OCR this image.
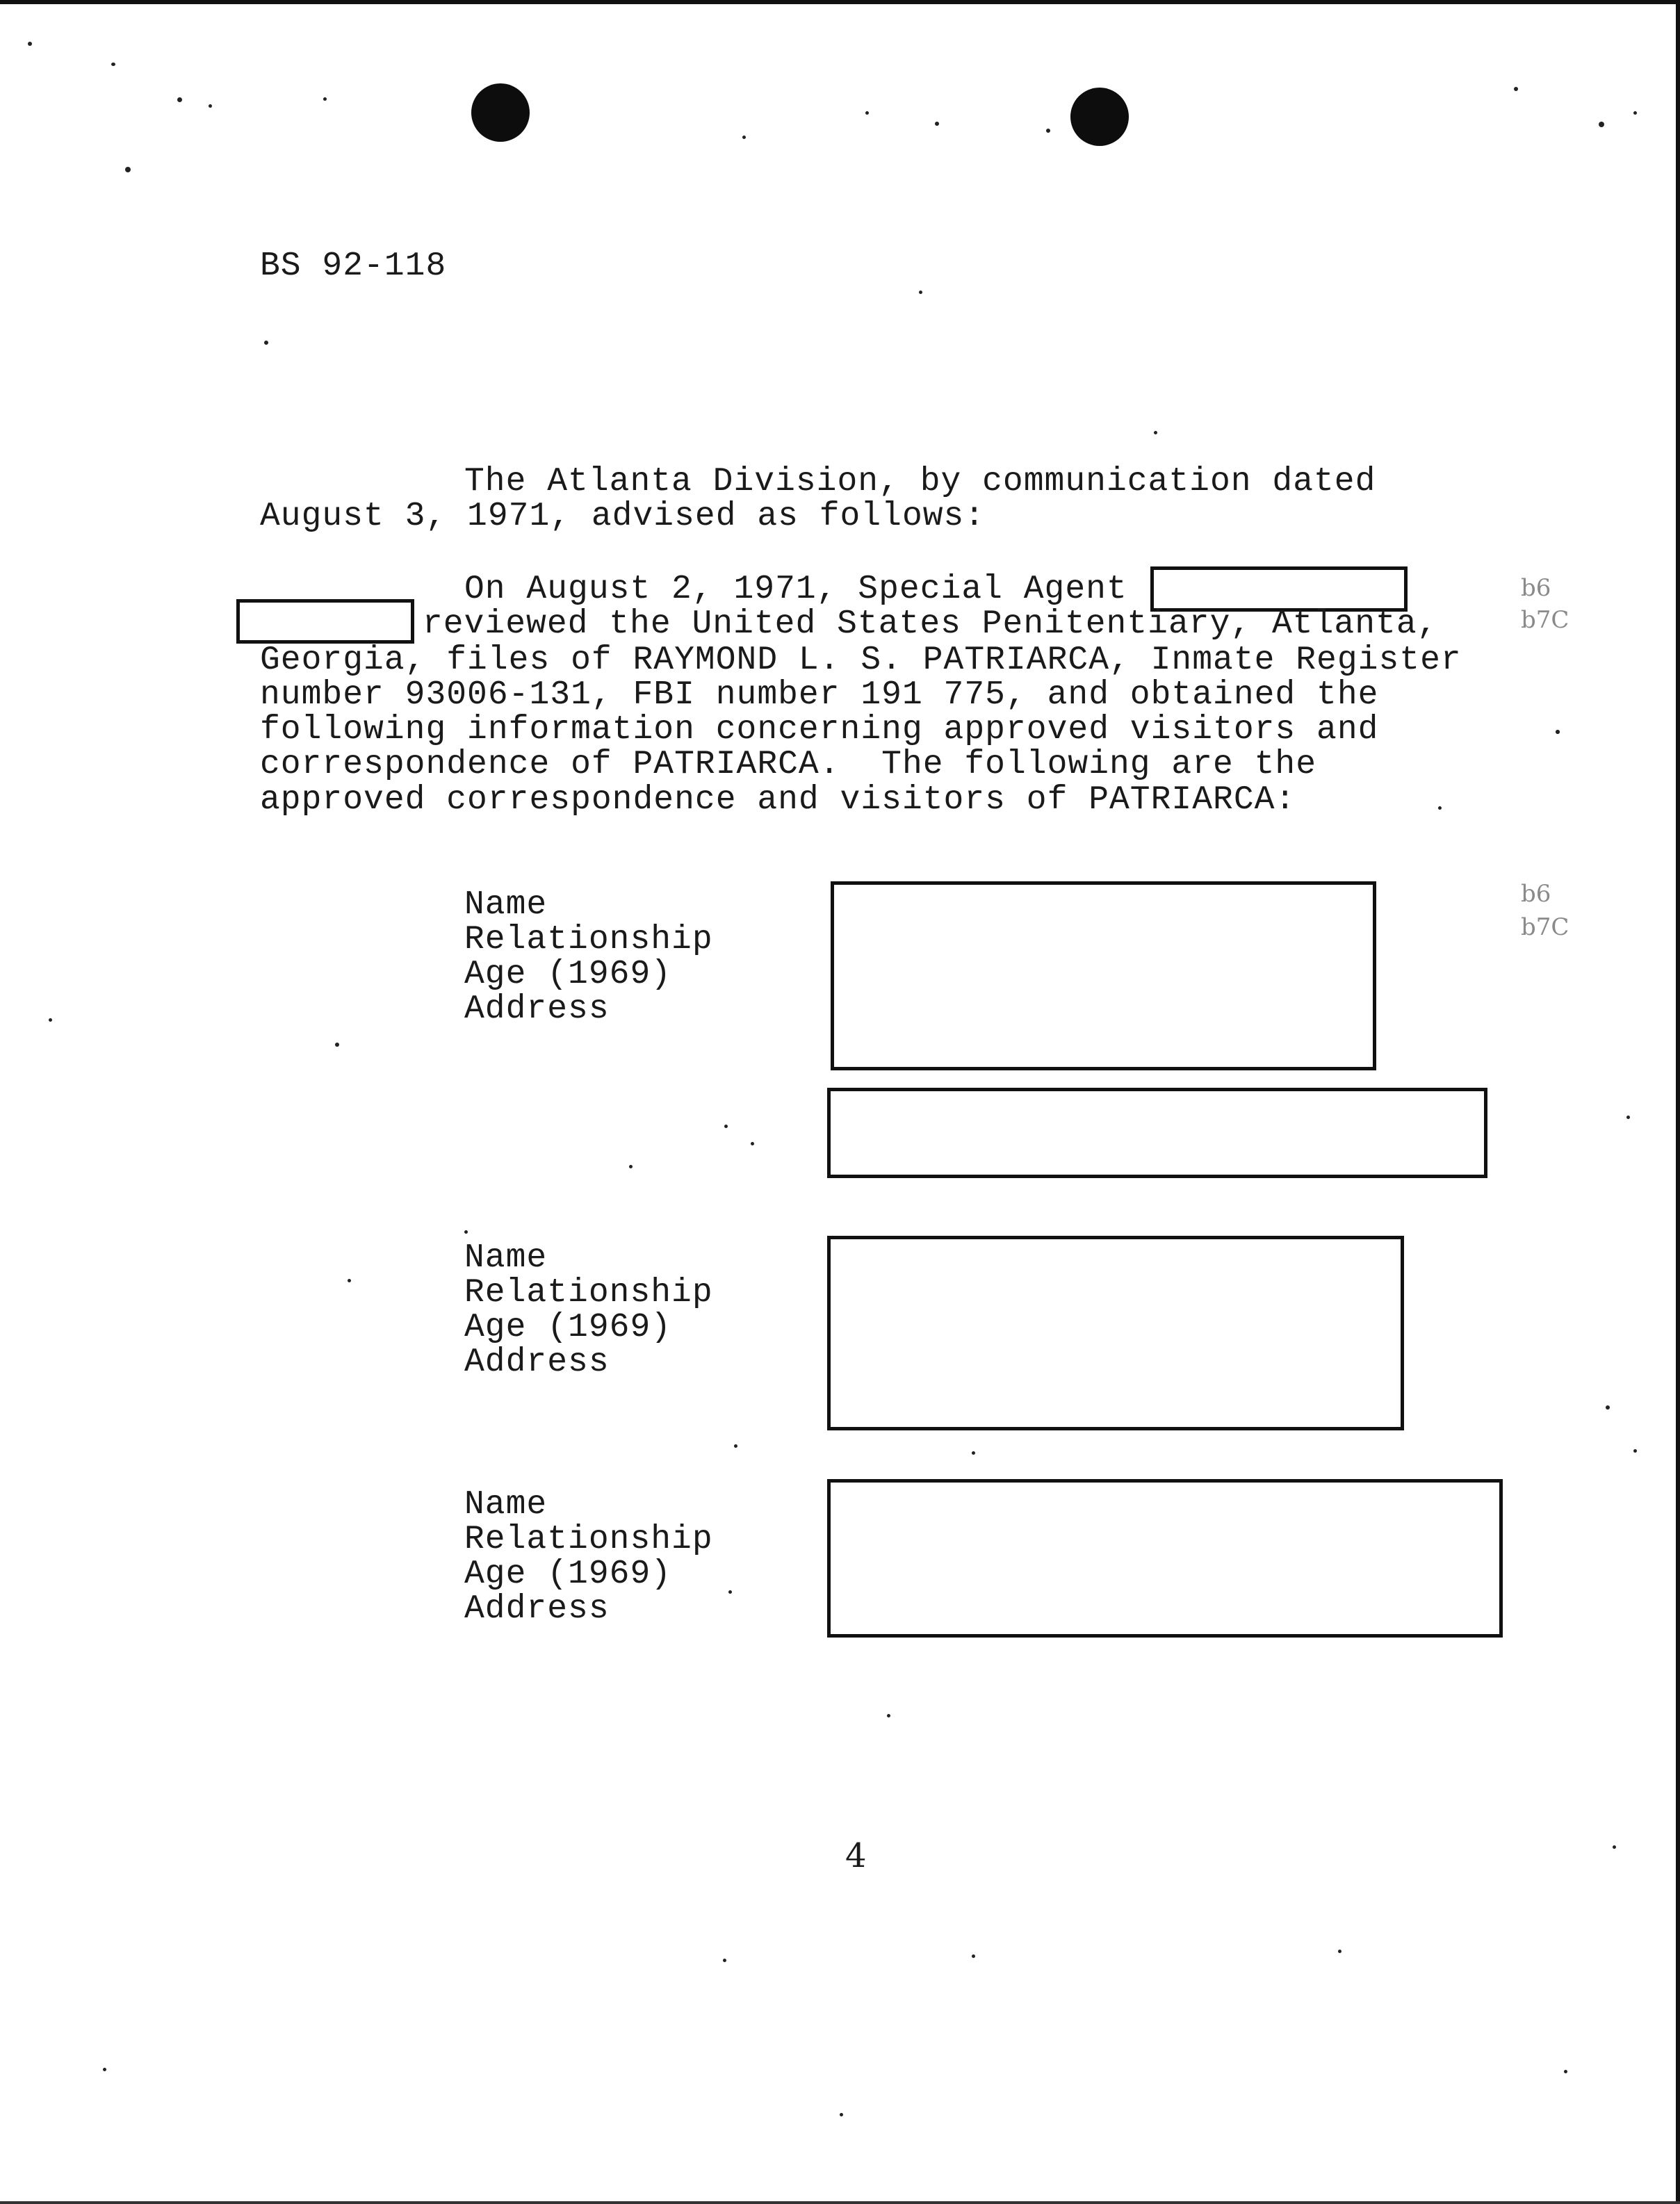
BS 92-118
The Atlanta Division, by communication dated
August 3, 1971, advised as follows:
On August 2, 1971, Special Agent
reviewed the United States Penitentiary, Atlanta,
Georgia, files of RAYMOND L. S. PATRIARCA, Inmate Register
number 93006-131, FBI number 191 775, and obtained the
following information concerning approved visitors and
correspondence of PATRIARCA.  The following are the
approved correspondence and visitors of PATRIARCA:
b6
b7C
b6
b7C
Name
Relationship
Age (1969)
Address
Name
Relationship
Age (1969)
Address
Name
Relationship
Age (1969)
Address
4
